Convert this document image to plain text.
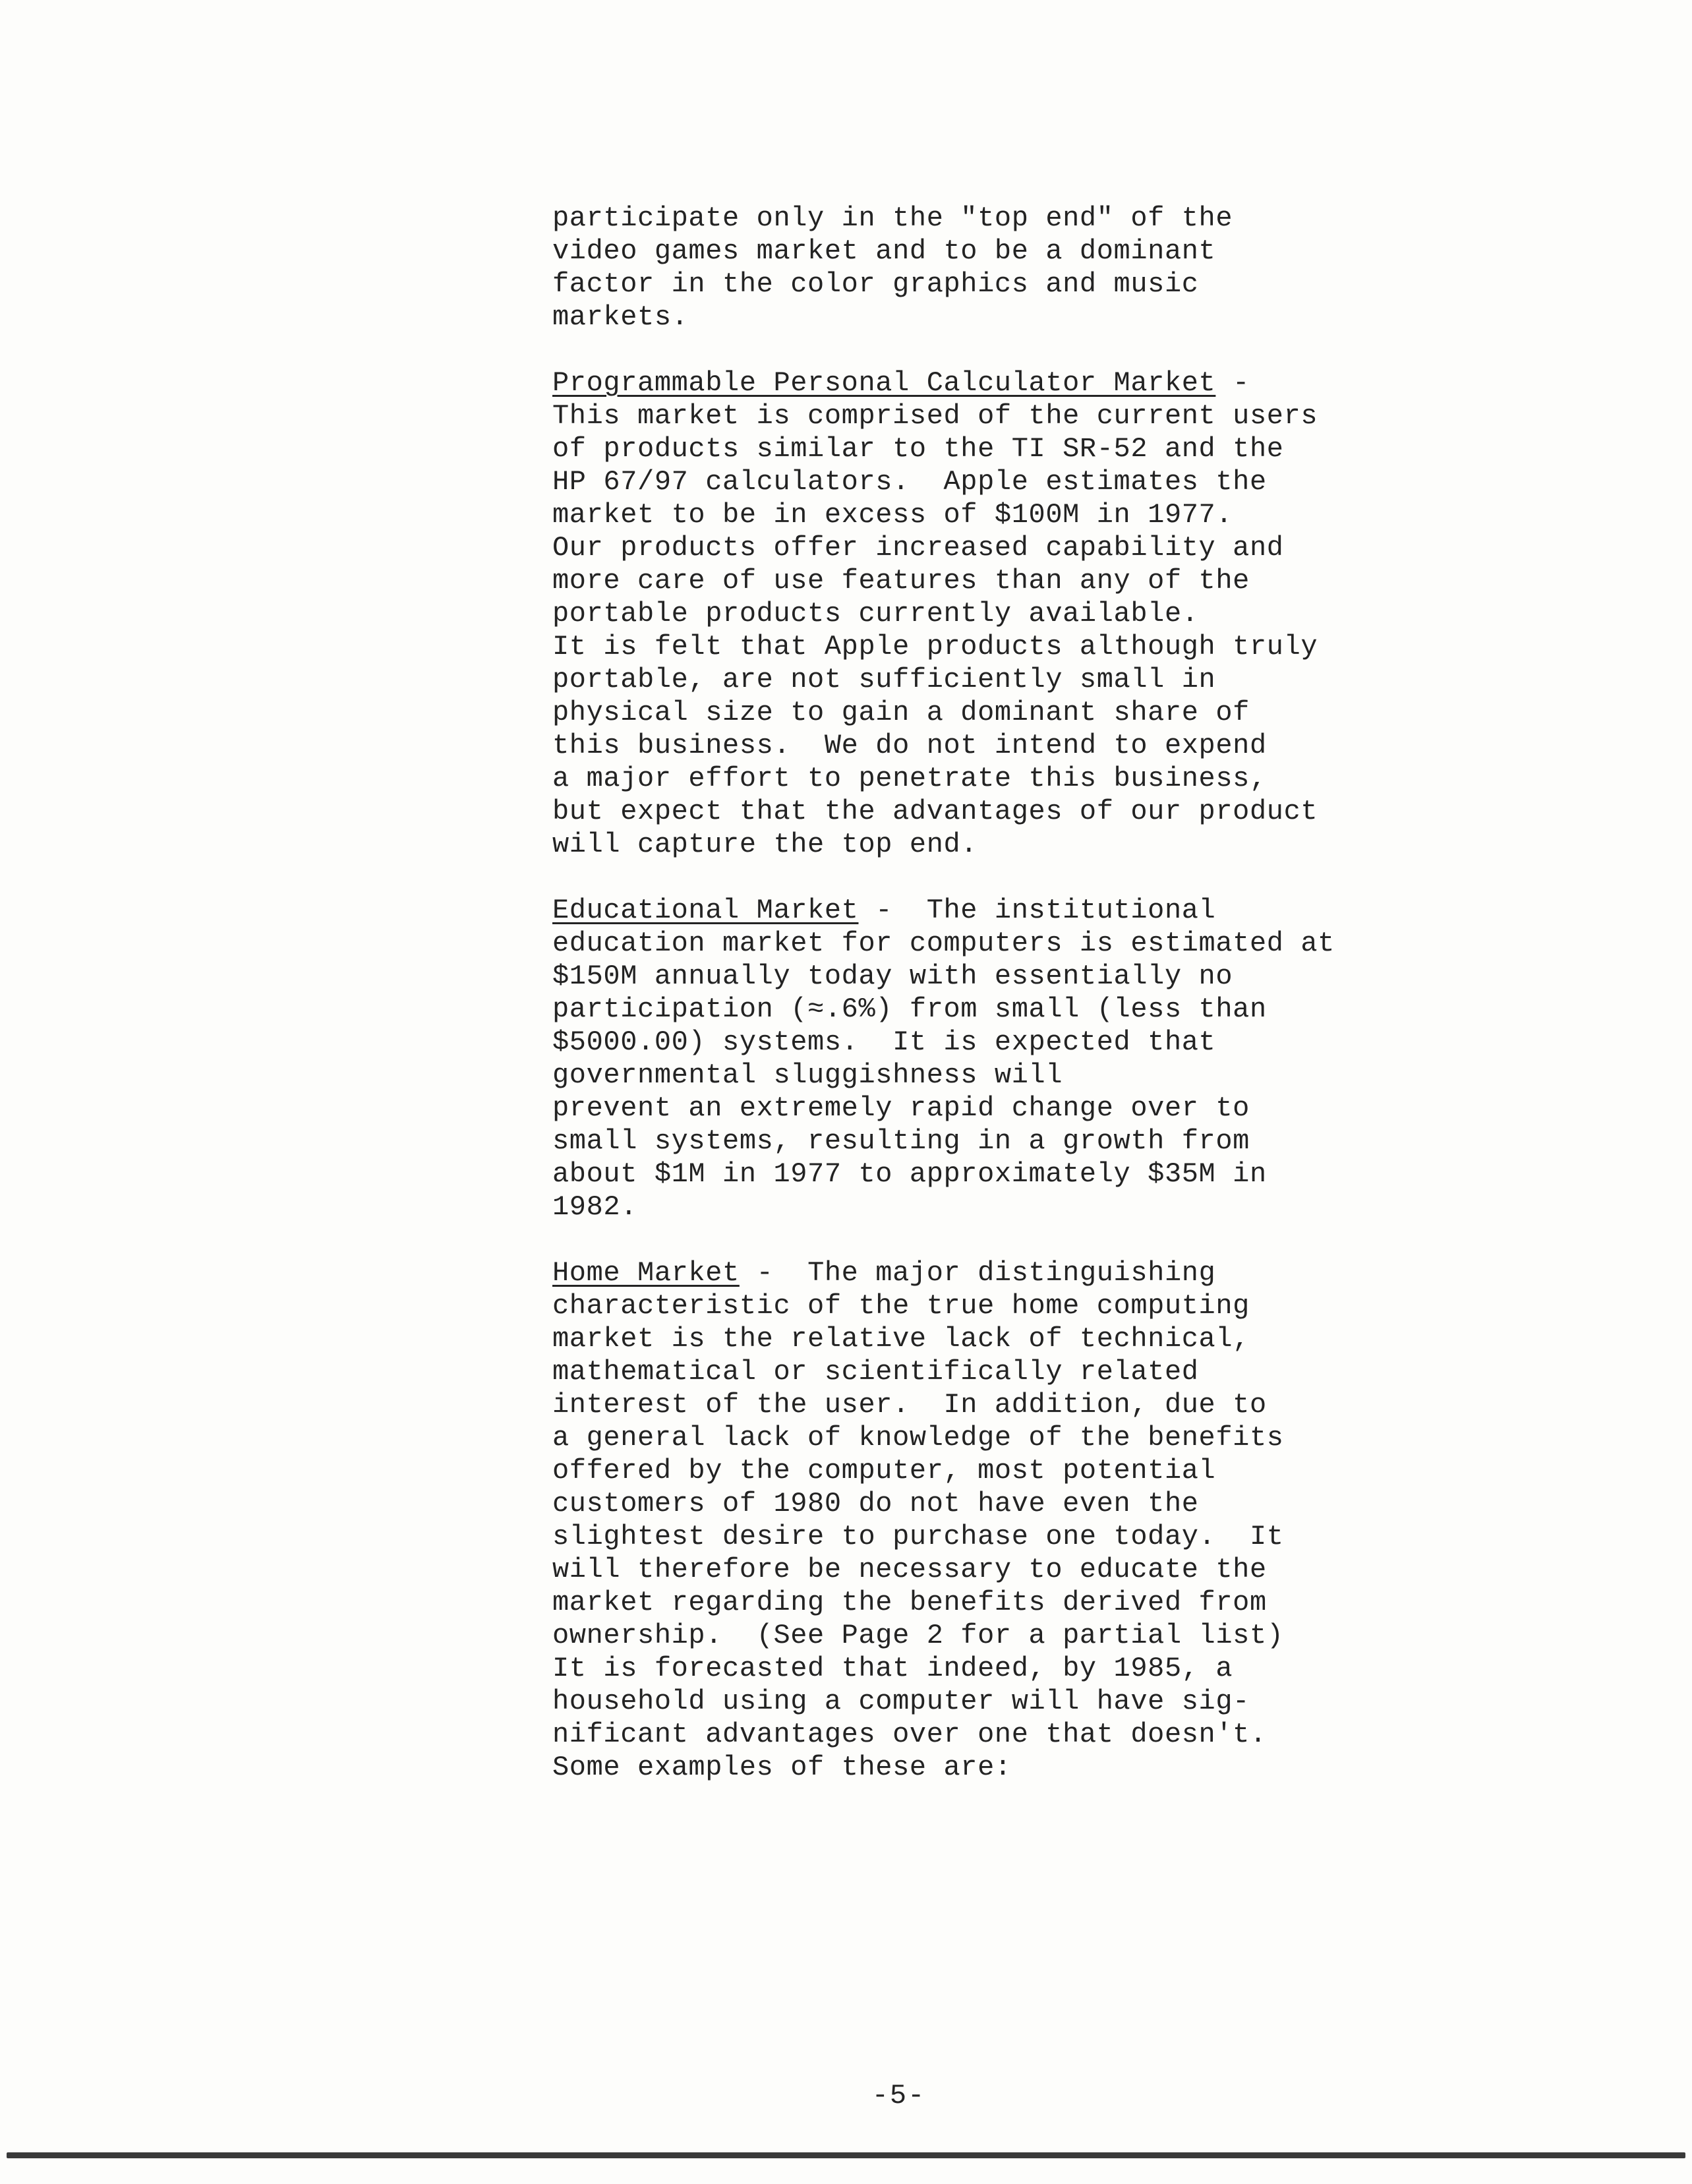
participate only in the "top end" of the
video games market and to be a dominant
factor in the color graphics and music
markets.
Programmable Personal Calculator Market -
This market is comprised of the current users
of products similar to the TI SR-52 and the
HP 67/97 calculators.  Apple estimates the
market to be in excess of $100M in 1977.
Our products offer increased capability and
more care of use features than any of the
portable products currently available.
It is felt that Apple products although truly
portable, are not sufficiently small in
physical size to gain a dominant share of
this business.  We do not intend to expend
a major effort to penetrate this business,
but expect that the advantages of our product
will capture the top end.
Educational Market -  The institutional
education market for computers is estimated at
$150M annually today with essentially no
participation (≈.6%) from small (less than
$5000.00) systems.  It is expected that
governmental sluggishness will
prevent an extremely rapid change over to
small systems, resulting in a growth from
about $1M in 1977 to approximately $35M in
1982.
Home Market -  The major distinguishing
characteristic of the true home computing
market is the relative lack of technical,
mathematical or scientifically related
interest of the user.  In addition, due to
a general lack of knowledge of the benefits
offered by the computer, most potential
customers of 1980 do not have even the
slightest desire to purchase one today.  It
will therefore be necessary to educate the
market regarding the benefits derived from
ownership.  (See Page 2 for a partial list)
It is forecasted that indeed, by 1985, a
household using a computer will have sig-
nificant advantages over one that doesn't.
Some examples of these are:
-5-
